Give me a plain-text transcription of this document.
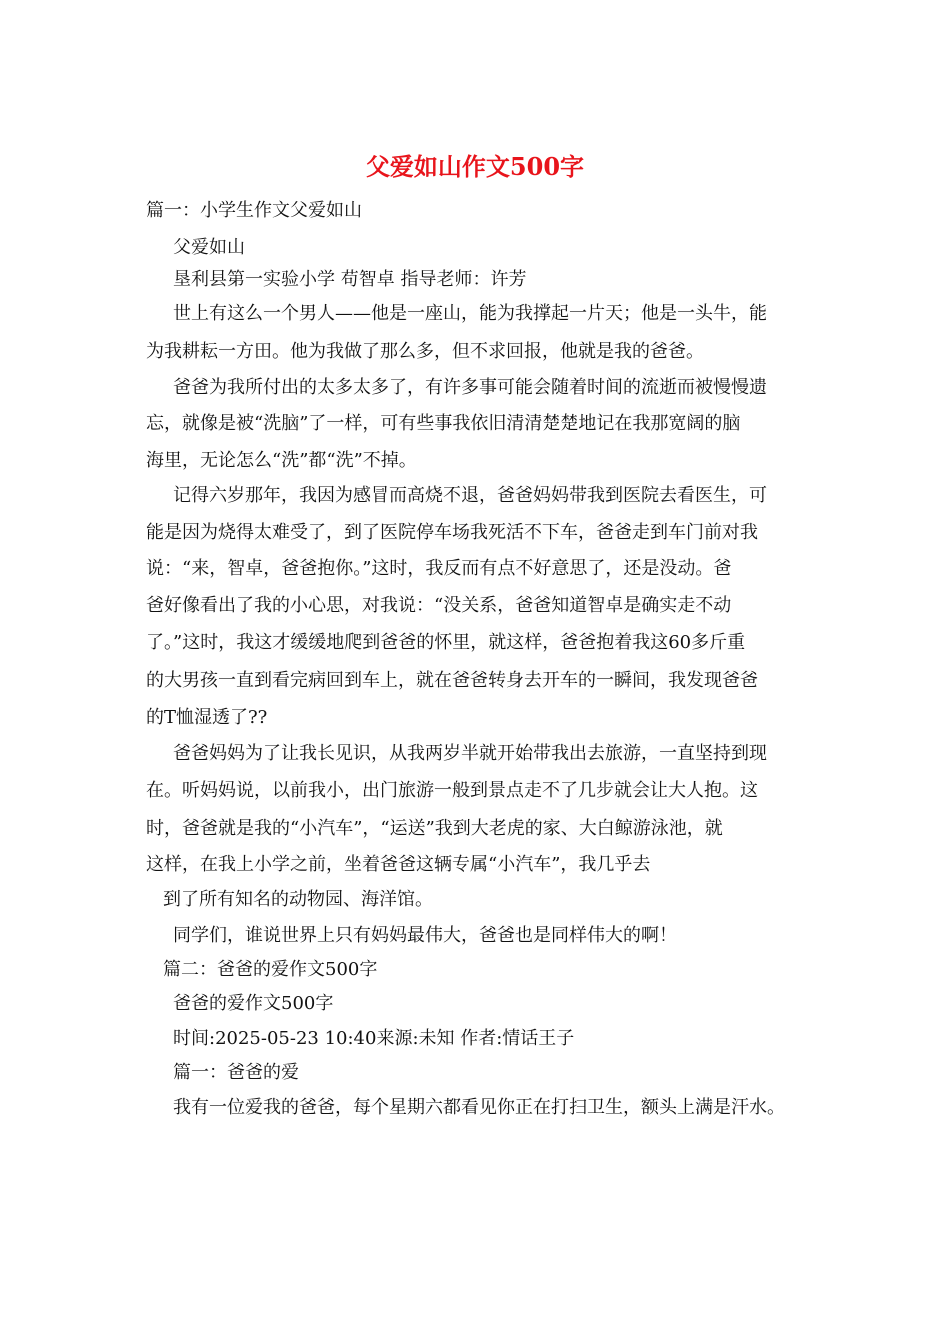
父爱如山作文500字
篇一：小学生作文父爱如山
父爱如山
垦利县第一实验小学 苟智卓 指导老师：许芳
世上有这么一个男人——他是一座山，能为我撑起一片天；他是一头牛，能
为我耕耘一方田。他为我做了那么多，但不求回报，他就是我的爸爸。
爸爸为我所付出的太多太多了，有许多事可能会随着时间的流逝而被慢慢遗
忘，就像是被“洗脑”了一样，可有些事我依旧清清楚楚地记在我那宽阔的脑
海里，无论怎么“洗”都“洗”不掉。
记得六岁那年，我因为感冒而高烧不退，爸爸妈妈带我到医院去看医生，可
能是因为烧得太难受了，到了医院停车场我死活不下车，爸爸走到车门前对我
说：“来，智卓，爸爸抱你。”这时，我反而有点不好意思了，还是没动。爸
爸好像看出了我的小心思，对我说：“没关系，爸爸知道智卓是确实走不动
了。”这时，我这才缓缓地爬到爸爸的怀里，就这样，爸爸抱着我这60多斤重
的大男孩一直到看完病回到车上，就在爸爸转身去开车的一瞬间，我发现爸爸
的T恤湿透了??
爸爸妈妈为了让我长见识，从我两岁半就开始带我出去旅游，一直坚持到现
在。听妈妈说，以前我小，出门旅游一般到景点走不了几步就会让大人抱。这
时，爸爸就是我的“小汽车”，“运送”我到大老虎的家、大白鲸游泳池，就
这样，在我上小学之前，坐着爸爸这辆专属“小汽车”，我几乎去
到了所有知名的动物园、海洋馆。
同学们，谁说世界上只有妈妈最伟大，爸爸也是同样伟大的啊！
篇二：爸爸的爱作文500字
爸爸的爱作文500字
时间:2025-05-23 10:40来源:未知 作者:情话王子
篇一：爸爸的爱
我有一位爱我的爸爸，每个星期六都看见你正在打扫卫生，额头上满是汗水。
